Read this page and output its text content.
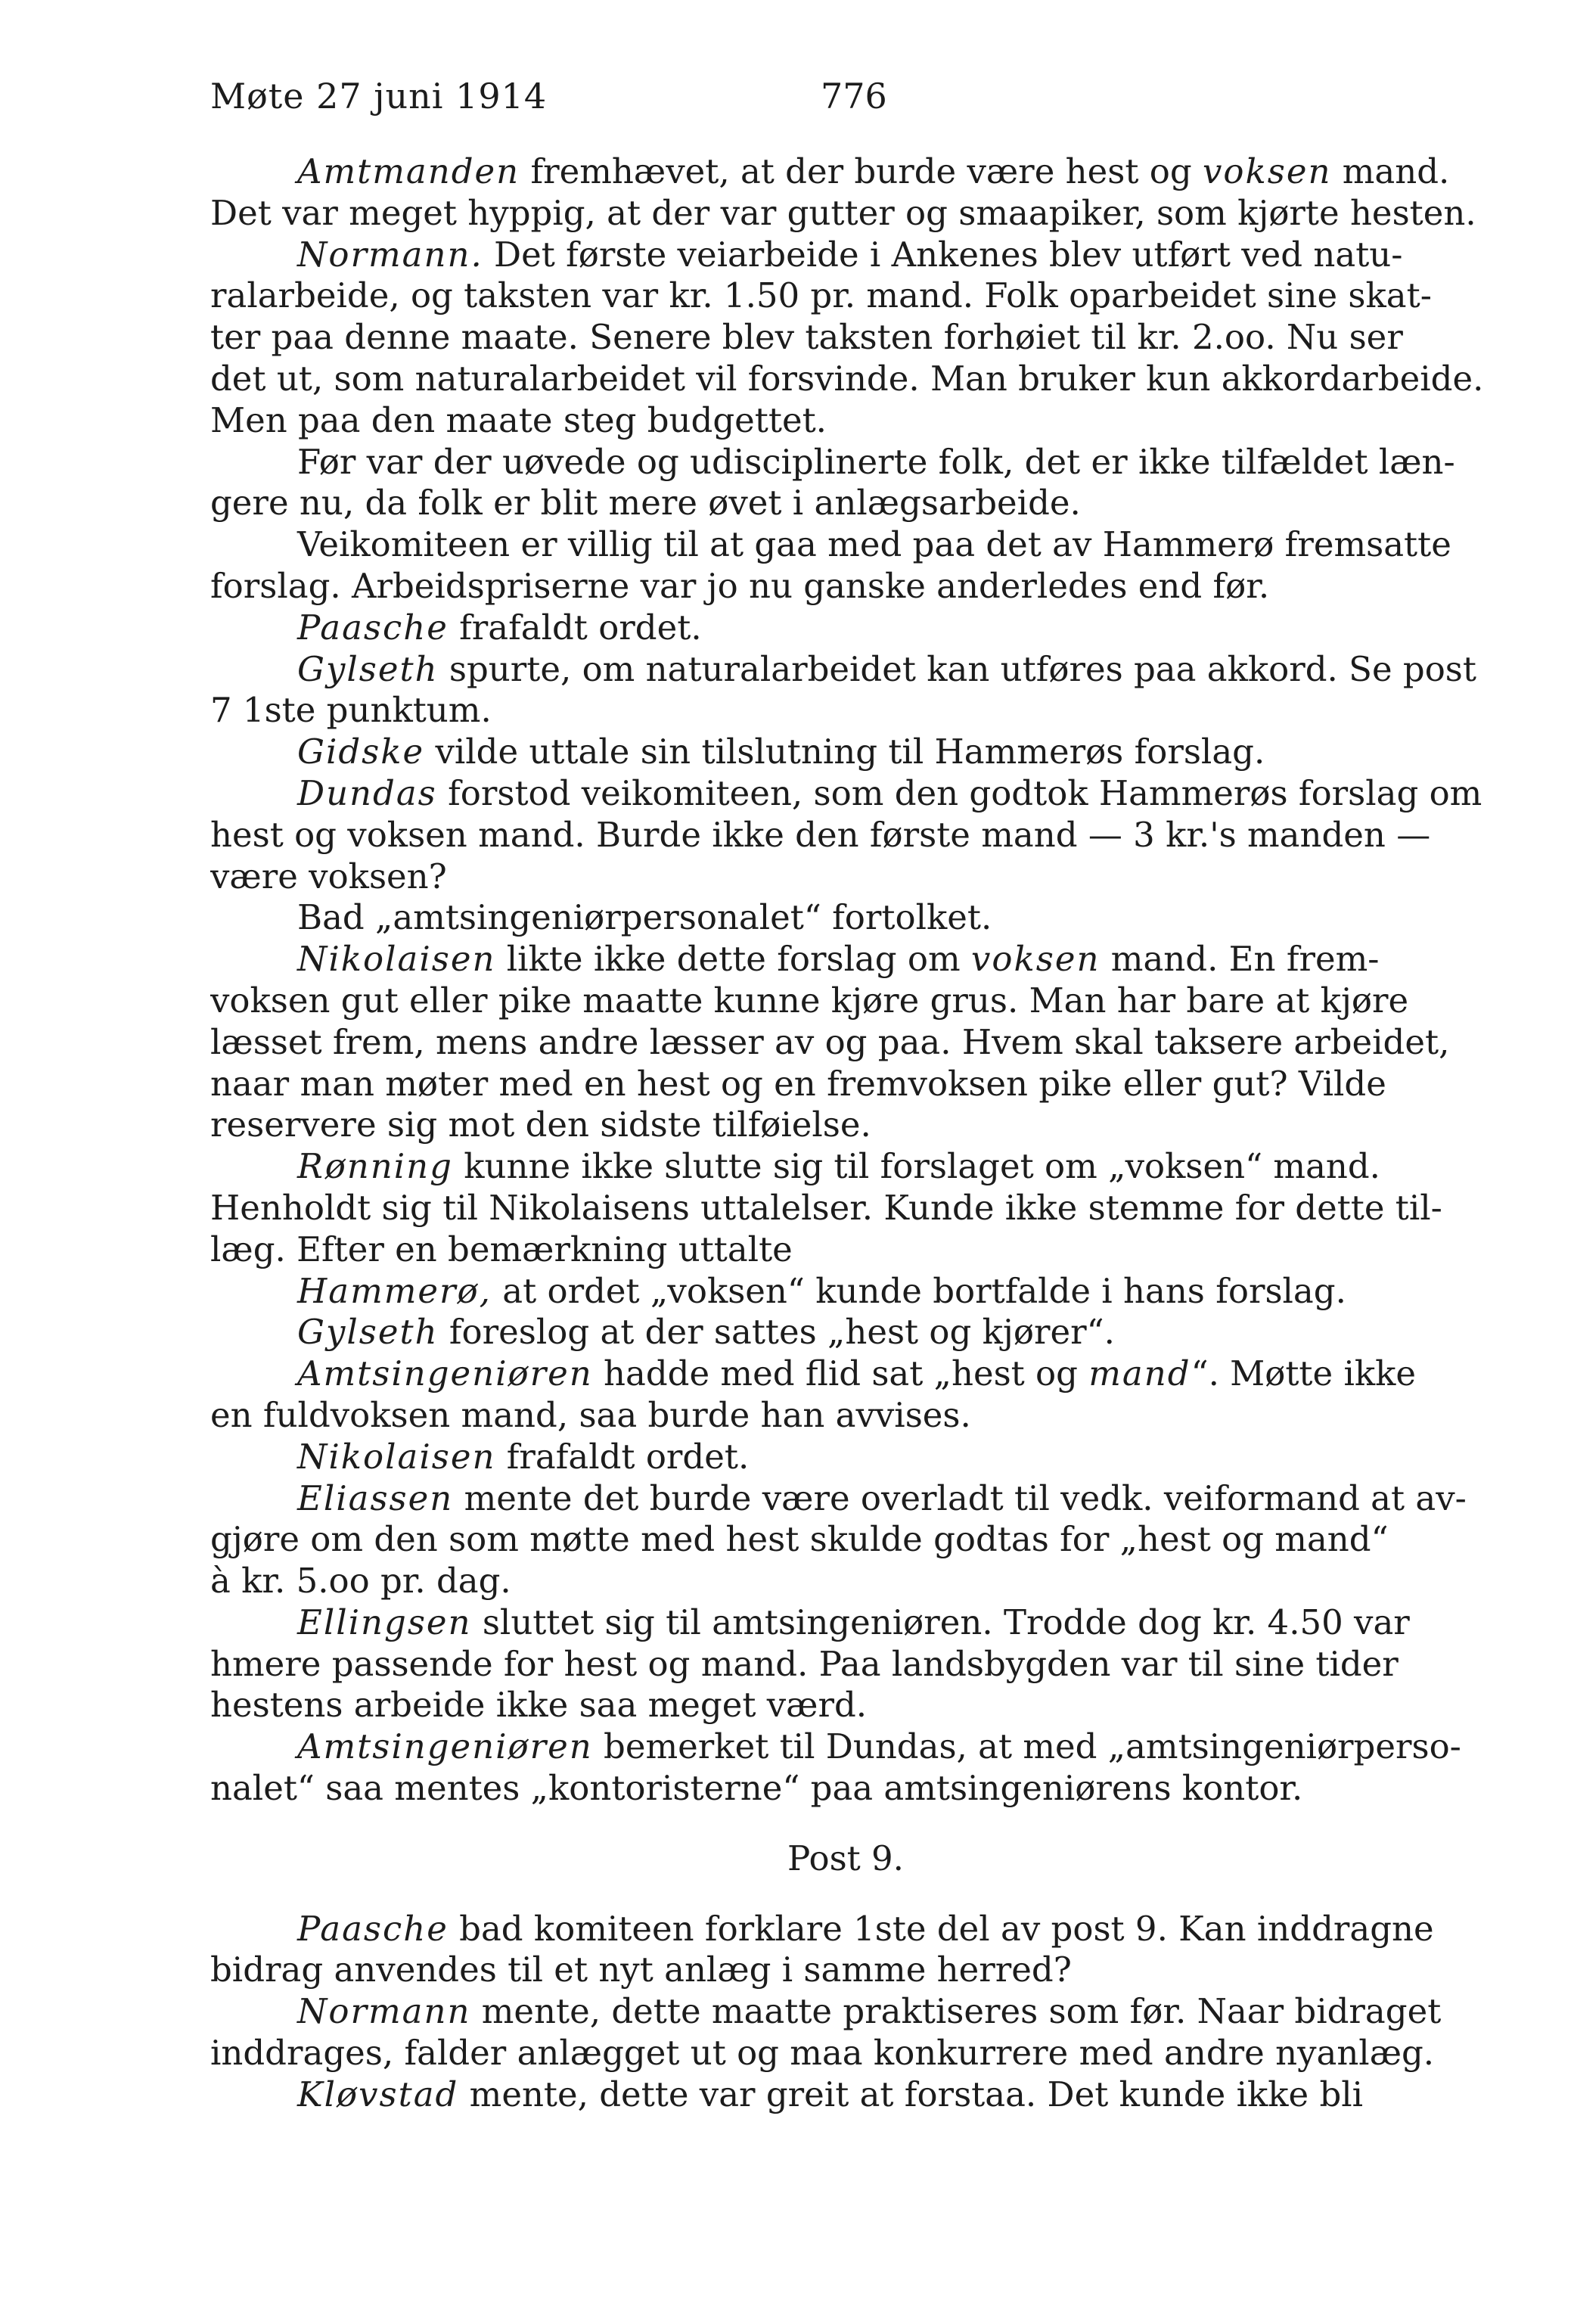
Møte 27 juni 1914	776
Amtmanden fremhævet, at der burde være hest og voksen mand.
Det var meget hyppig, at der var gutter og smaapiker, som kjørte hesten.
Normann. Det første veiarbeide i Ankenes blev utført ved natu-
ralarbeide, og taksten var kr. 1.50 pr. mand. Folk oparbeidet sine skat-
ter paa denne maate. Senere blev taksten forhøiet til kr. 2.oo. Nu ser
det ut, som naturalarbeidet vil forsvinde. Man bruker kun akkordarbeide.
Men paa den maate steg budgettet.
Før var der uøvede og udisciplinerte folk, det er ikke tilfældet læn-
gere nu, da folk er blit mere øvet i anlægsarbeide.
Veikomiteen er villig til at gaa med paa det av Hammerø fremsatte
forslag. Arbeidspriserne var jo nu ganske anderledes end før.
Paasche frafaldt ordet.
Gylseth spurte, om naturalarbeidet kan utføres paa akkord. Se post
7 1ste punktum.
Gidske vilde uttale sin tilslutning til Hammerøs forslag.
Dundas forstod veikomiteen, som den godtok Hammerøs forslag om
hest og voksen mand. Burde ikke den første mand — 3 kr.'s manden —
være voksen?
Bad „amtsingeniørpersonalet“ fortolket.
Nikolaisen likte ikke dette forslag om voksen mand. En frem-
voksen gut eller pike maatte kunne kjøre grus. Man har bare at kjøre
læsset frem, mens andre læsser av og paa. Hvem skal taksere arbeidet,
naar man møter med en hest og en fremvoksen pike eller gut? Vilde
reservere sig mot den sidste tilføielse.
Rønning kunne ikke slutte sig til forslaget om „voksen“ mand.
Henholdt sig til Nikolaisens uttalelser. Kunde ikke stemme for dette til-
læg. Efter en bemærkning uttalte
Hammerø, at ordet „voksen“ kunde bortfalde i hans forslag.
Gylseth foreslog at der sattes „hest og kjører“.
Amtsingeniøren hadde med flid sat „hest og mand“. Møtte ikke
en fuldvoksen mand, saa burde han avvises.
Nikolaisen frafaldt ordet.
Eliassen mente det burde være overladt til vedk. veiformand at av-
gjøre om den som møtte med hest skulde godtas for „hest og mand“
à kr. 5.oo pr. dag.
Ellingsen sluttet sig til amtsingeniøren. Trodde dog kr. 4.50 var
hmere passende for hest og mand. Paa landsbygden var til sine tider
hestens arbeide ikke saa meget værd.
Amtsingeniøren bemerket til Dundas, at med „amtsingeniørperso-
nalet“ saa mentes „kontoristerne“ paa amtsingeniørens kontor.
Post 9.
Paasche bad komiteen forklare 1ste del av post 9. Kan inddragne
bidrag anvendes til et nyt anlæg i samme herred?
Normann mente, dette maatte praktiseres som før. Naar bidraget
inddrages, falder anlægget ut og maa konkurrere med andre nyanlæg.
Kløvstad mente, dette var greit at forstaa. Det kunde ikke bli
